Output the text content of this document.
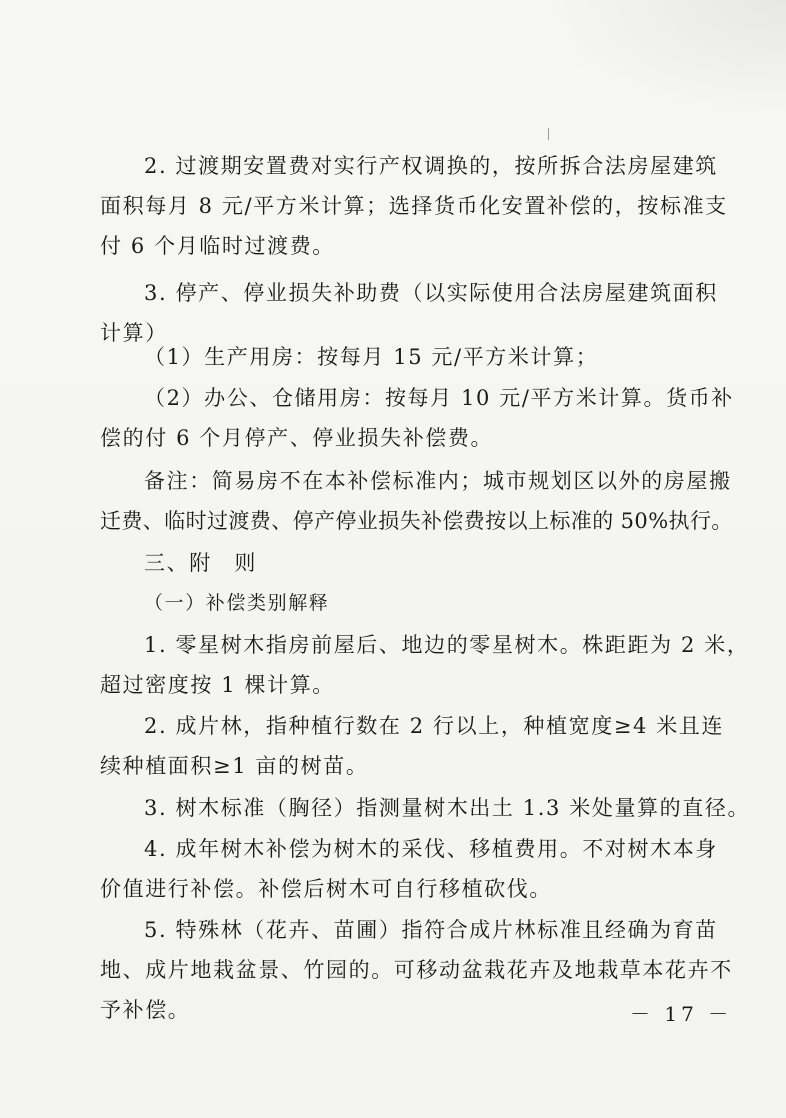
2. 过渡期安置费对实行产权调换的，按所拆合法房屋建筑
面积每月 8 元/平方米计算；选择货币化安置补偿的，按标准支
付 6 个月临时过渡费。
3. 停产、停业损失补助费（以实际使用合法房屋建筑面积
计算）
（1）生产用房：按每月 15 元/平方米计算；
（2）办公、仓储用房：按每月 10 元/平方米计算。货币补
偿的付 6 个月停产、停业损失补偿费。
备注：简易房不在本补偿标准内；城市规划区以外的房屋搬
迁费、临时过渡费、停产停业损失补偿费按以上标准的 50%执行。
三、附　则
（一）补偿类别解释
1. 零星树木指房前屋后、地边的零星树木。株距距为 2 米，
超过密度按 1 棵计算。
2. 成片林，指种植行数在 2 行以上，种植宽度≥4 米且连
续种植面积≥1 亩的树苗。
3. 树木标准（胸径）指测量树木出土 1.3 米处量算的直径。
4. 成年树木补偿为树木的采伐、移植费用。不对树木本身
价值进行补偿。补偿后树木可自行移植砍伐。
5. 特殊林（花卉、苗圃）指符合成片林标准且经确为育苗
地、成片地栽盆景、竹园的。可移动盆栽花卉及地栽草本花卉不
予补偿。	－ 17 －
